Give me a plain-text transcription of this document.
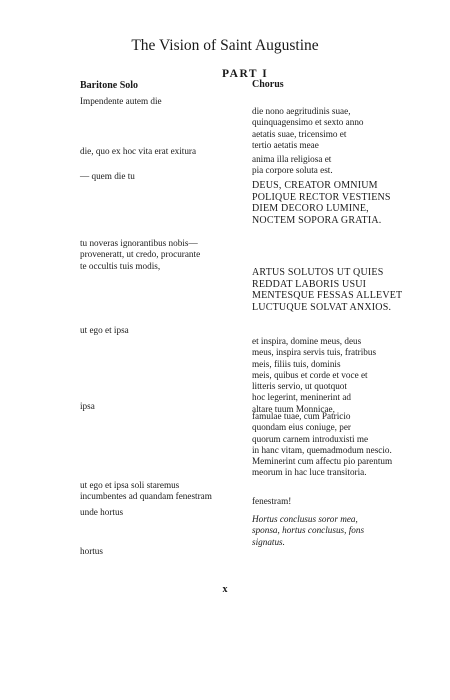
The Vision of Saint Augustine
PART I
Baritone Solo	Chorus
Impendente autem die
die, quo ex hoc vita erat exitura
— quem die tu
tu noveras ignorantibus nobis—
proveneratt, ut credo, procurante
te occultis tuis modis,
ut ego et ipsa
ipsa
ut ego et ipsa soli staremus
incumbentes ad quandam fenestram
unde hortus
hortus
die nono aegritudinis suae,
quinquagensimo et sexto anno
aetatis suae, tricensimo et
tertio aetatis meae
anima illa religiosa et
pia corpore soluta est.
DEUS, CREATOR OMNIUM
POLIQUE RECTOR VESTIENS
DIEM DECORO LUMINE,
NOCTEM SOPORA GRATIA.
ARTUS SOLUTOS UT QUIES
REDDAT LABORIS USUI
MENTESQUE FESSAS ALLEVET
LUCTUQUE SOLVAT ANXIOS.
et inspira, domine meus, deus
meus, inspira servis tuis, fratribus
meis, filiis tuis, dominis
meis, quibus et corde et voce et
litteris servio, ut quotquot
hoc legerint, meninerint ad
altare tuum Monnicae,
famulae tuae, cum Patricio
quondam eius coniuge, per
quorum carnem introduxisti me
in hanc vitam, quemadmodum nescio.
Meminerint cum affectu pio parentum
meorum in hac luce transitoria.
fenestram!
Hortus conclusus soror mea,
sponsa, hortus conclusus, fons
signatus.
x
